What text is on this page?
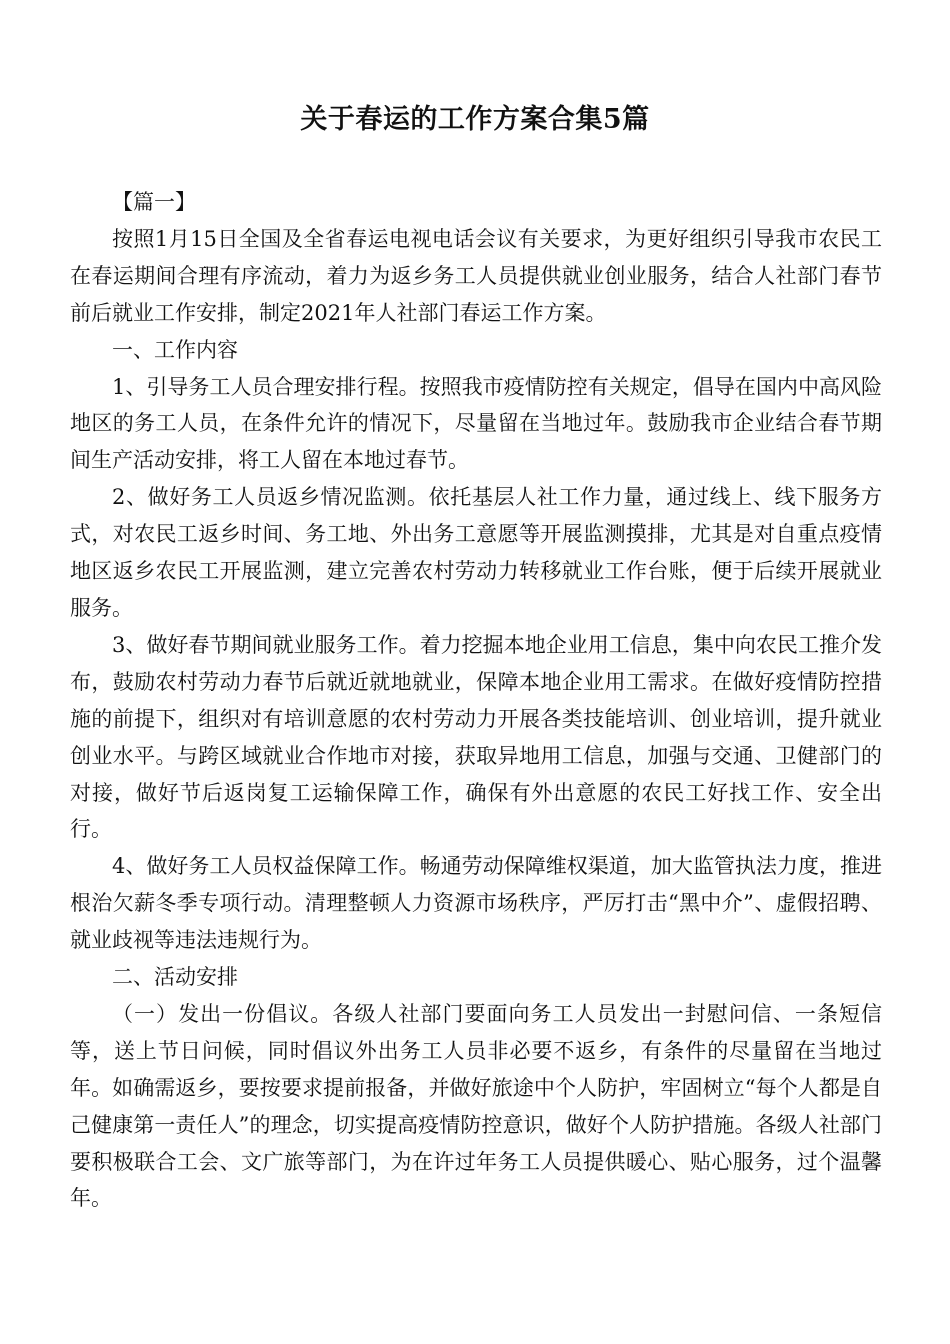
关于春运的工作方案合集5篇

【篇一】

按照1月15日全国及全省春运电视电话会议有关要求，为更好组织引导我市农民工在春运期间合理有序流动，着力为返乡务工人员提供就业创业服务，结合人社部门春节前后就业工作安排，制定2021年人社部门春运工作方案。

一、工作内容

1、引导务工人员合理安排行程。按照我市疫情防控有关规定，倡导在国内中高风险地区的务工人员，在条件允许的情况下，尽量留在当地过年。鼓励我市企业结合春节期间生产活动安排，将工人留在本地过春节。

2、做好务工人员返乡情况监测。依托基层人社工作力量，通过线上、线下服务方式，对农民工返乡时间、务工地、外出务工意愿等开展监测摸排，尤其是对自重点疫情地区返乡农民工开展监测，建立完善农村劳动力转移就业工作台账，便于后续开展就业服务。

3、做好春节期间就业服务工作。着力挖掘本地企业用工信息，集中向农民工推介发布，鼓励农村劳动力春节后就近就地就业，保障本地企业用工需求。在做好疫情防控措施的前提下，组织对有培训意愿的农村劳动力开展各类技能培训、创业培训，提升就业创业水平。与跨区域就业合作地市对接，获取异地用工信息，加强与交通、卫健部门的对接，做好节后返岗复工运输保障工作，确保有外出意愿的农民工好找工作、安全出行。

4、做好务工人员权益保障工作。畅通劳动保障维权渠道，加大监管执法力度，推进根治欠薪冬季专项行动。清理整顿人力资源市场秩序，严厉打击“黑中介”、虚假招聘、就业歧视等违法违规行为。

二、活动安排

（一）发出一份倡议。各级人社部门要面向务工人员发出一封慰问信、一条短信等，送上节日问候，同时倡议外出务工人员非必要不返乡，有条件的尽量留在当地过年。如确需返乡，要按要求提前报备，并做好旅途中个人防护，牢固树立“每个人都是自己健康第一责任人”的理念，切实提高疫情防控意识，做好个人防护措施。各级人社部门要积极联合工会、文广旅等部门，为在许过年务工人员提供暖心、贴心服务，过个温馨年。
